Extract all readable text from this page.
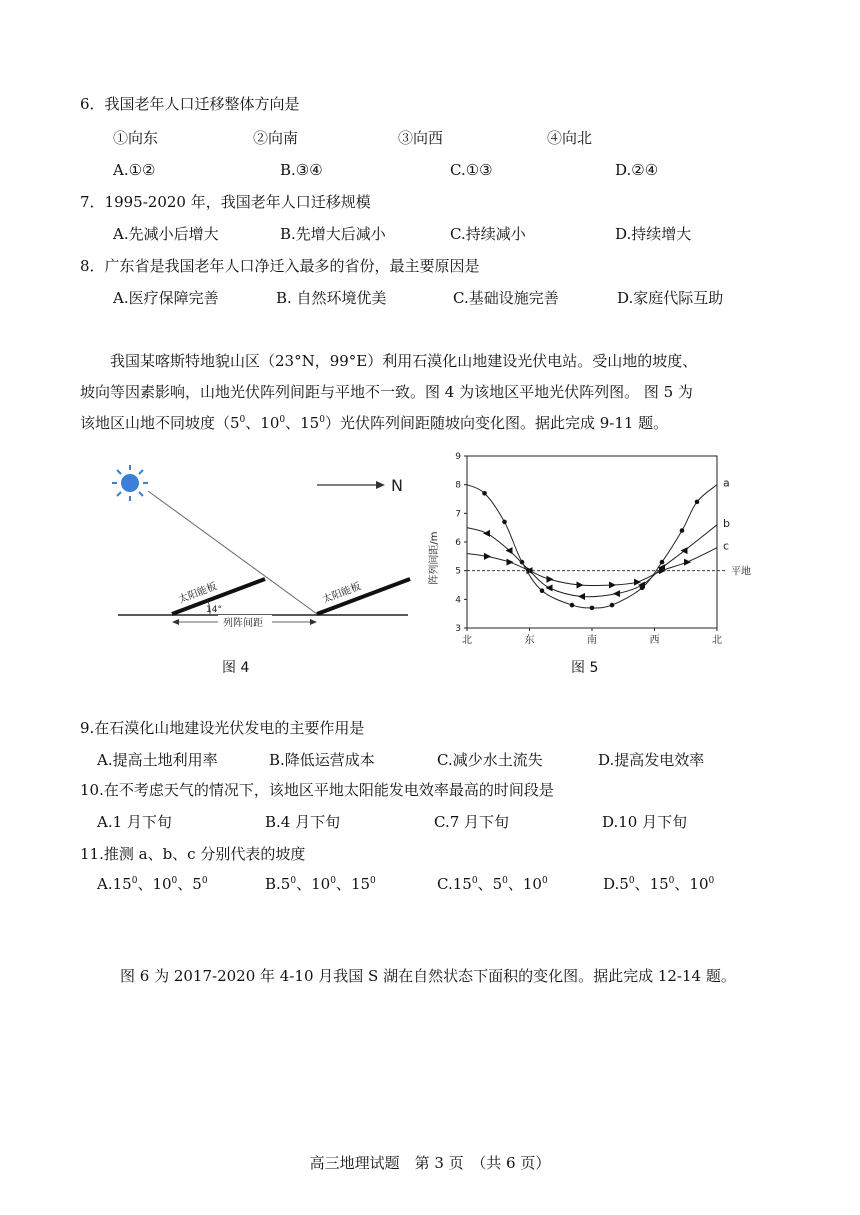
6．我国老年人口迁移整体方向是
①向东	②向南	③向西	④向北
A.①②	B.③④	C.①③	D.②④
7．1995-2020 年，我国老年人口迁移规模
A.先减小后增大	B.先增大后减小	C.持续减小	D.持续增大
8．广东省是我国老年人口净迁入最多的省份，最主要原因是
A.医疗保障完善	B. 自然环境优美	C.基础设施完善	D.家庭代际互助
我国某喀斯特地貌山区（23°N，99°E）利用石漠化山地建设光伏电站。受山地的坡度、
坡向等因素影响，山地光伏阵列间距与平地不一致。图 4 为该地区平地光伏阵列图。 图 5 为
该地区山地不同坡度（$5^0$、$10^0$、$15^0$）光伏阵列间距随坡向变化图。据此完成 9-11 题。
N
太阳能板	太阳能板
14°
列阵间距
图 4
阵列间距/m
9
8
7
6
5
4
3
北	东	南	西	北
a
b
c
平地
图 5
9.在石漠化山地建设光伏发电的主要作用是
A.提高土地利用率	B.降低运营成本	C.减少水土流失	D.提高发电效率
10.在不考虑天气的情况下，该地区平地太阳能发电效率最高的时间段是
A.1 月下旬	B.4 月下旬	C.7 月下旬	D.10 月下旬
11.推测 a、b、c 分别代表的坡度
$A.15^0$、$10^0$、$5^0$	$B.5^0$、$10^0$、$15^0$	$C.15^0$、$5^0$、$10^0$	$D.5^0$、$15^0$、$10^0$
图 6 为 2017-2020 年 4-10 月我国 S 湖在自然状态下面积的变化图。据此完成 12-14 题。
高三地理试题　第 3 页　（共 6 页）
